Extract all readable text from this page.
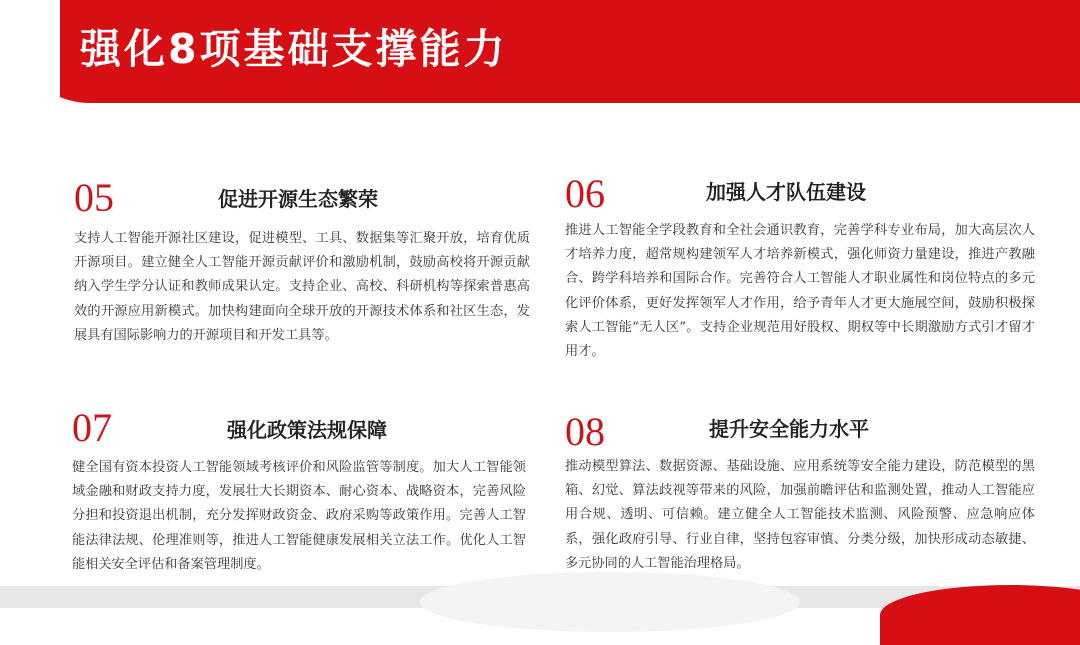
强化8项基础支撑能力
05	促进开源生态繁荣
支持人工智能开源社区建设，促进模型、工具、数据集等汇聚开放，培育优质开源项目。建立健全人工智能开源贡献评价和激励机制，鼓励高校将开源贡献纳入学生学分认证和教师成果认定。支持企业、高校、科研机构等探索普惠高效的开源应用新模式。加快构建面向全球开放的开源技术体系和社区生态，发展具有国际影响力的开源项目和开发工具等。
06	加强人才队伍建设
推进人工智能全学段教育和全社会通识教育，完善学科专业布局，加大高层次人才培养力度，超常规构建领军人才培养新模式，强化师资力量建设，推进产教融合、跨学科培养和国际合作。完善符合人工智能人才职业属性和岗位特点的多元化评价体系，更好发挥领军人才作用，给予青年人才更大施展空间，鼓励积极探索人工智能“无人区”。支持企业规范用好股权、期权等中长期激励方式引才留才用才。
07	强化政策法规保障
健全国有资本投资人工智能领域考核评价和风险监管等制度。加大人工智能领域金融和财政支持力度，发展壮大长期资本、耐心资本、战略资本，完善风险分担和投资退出机制，充分发挥财政资金、政府采购等政策作用。完善人工智能法律法规、伦理准则等，推进人工智能健康发展相关立法工作。优化人工智能相关安全评估和备案管理制度。
08	提升安全能力水平
推动模型算法、数据资源、基础设施、应用系统等安全能力建设，防范模型的黑箱、幻觉、算法歧视等带来的风险，加强前瞻评估和监测处置，推动人工智能应用合规、透明、可信赖。建立健全人工智能技术监测、风险预警、应急响应体系，强化政府引导、行业自律，坚持包容审慎、分类分级，加快形成动态敏捷、多元协同的人工智能治理格局。
